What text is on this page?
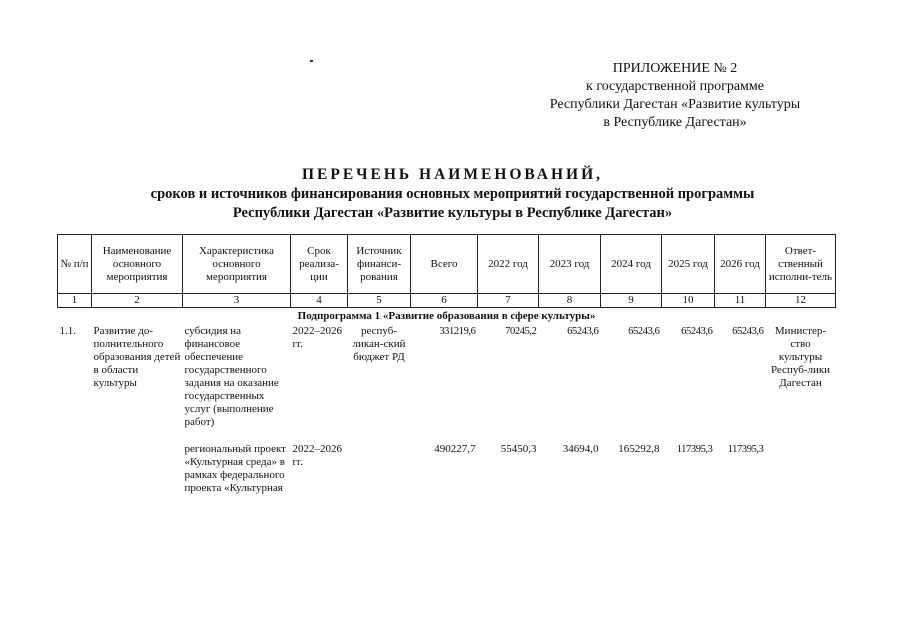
ПРИЛОЖЕНИЕ № 2
к государственной программе
Республики Дагестан «Развитие культуры
в Республике Дагестан»
ПЕРЕЧЕНЬ НАИМЕНОВАНИЙ,
сроков и источников финансирования основных мероприятий государственной программы
Республики Дагестан «Развитие культуры в Республике Дагестан»
№ п/п	Наименование основного мероприятия	Характеристика основного мероприятия	Срок реализа-ции	Источник финанси-рования	Всего	2022 год	2023 год	2024 год	2025 год	2026 год	Ответ-ственный исполни-тель
1	2	3	4	5	6	7	8	9	10	11	12
Подпрограмма 1 «Развитие образования в сфере культуры»											
1.1.	Развитие до-полнительного образования детей в области культуры	субсидия на финансовое обеспечение государственного задания на оказание государственных услуг (выполнение работ)	2022–2026 гг.	респуб-ликан-ский бюджет РД	331219,6	70245,2	65243,6	65243,6	65243,6	65243,6	Министер-ство культуры Респуб-лики Дагестан
		региональный проект «Культурная среда» в рамках федерального проекта «Культурная	2022–2026 гг.		490227,7	55450,3	34694,0	165292,8	117395,3	117395,3	
